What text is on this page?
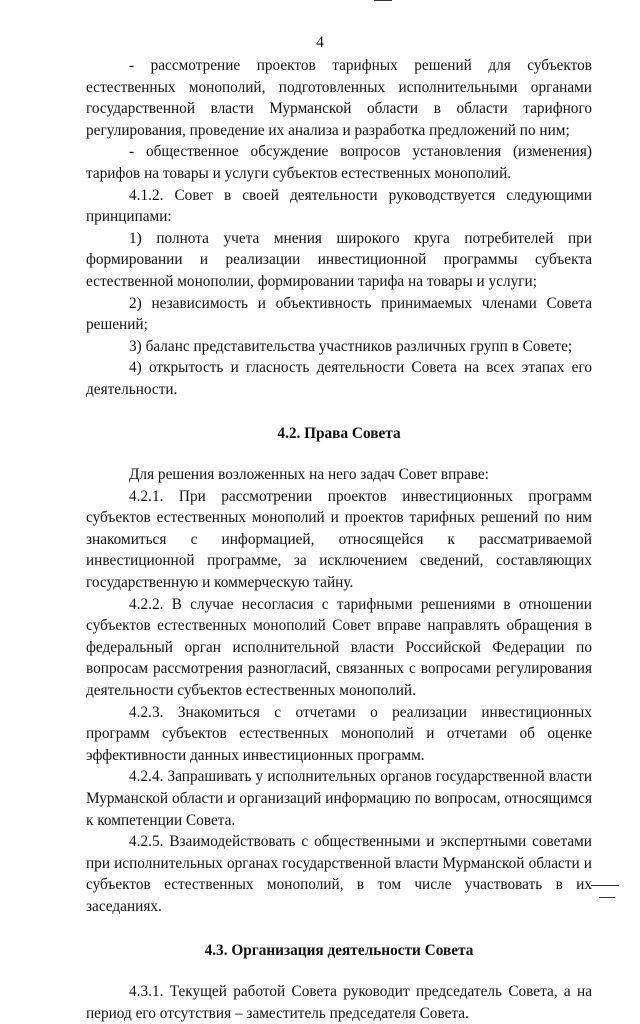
4

- рассмотрение проектов тарифных решений для субъектов естественных монополий, подготовленных исполнительными органами государственной власти Мурманской области в области тарифного регулирования, проведение их анализа и разработка предложений по ним;

- общественное обсуждение вопросов установления (изменения) тарифов на товары и услуги субъектов естественных монополий.

4.1.2. Совет в своей деятельности руководствуется следующими принципами:

1) полнота учета мнения широкого круга потребителей при формировании и реализации инвестиционной программы субъекта естественной монополии, формировании тарифа на товары и услуги;

2) независимость и объективность принимаемых членами Совета решений;

3) баланс представительства участников различных групп в Совете;

4) открытость и гласность деятельности Совета на всех этапах его деятельности.

4.2. Права Совета

Для решения возложенных на него задач Совет вправе:

4.2.1. При рассмотрении проектов инвестиционных программ субъектов естественных монополий и проектов тарифных решений по ним знакомиться с информацией, относящейся к рассматриваемой инвестиционной программе, за исключением сведений, составляющих государственную и коммерческую тайну.

4.2.2. В случае несогласия с тарифными решениями в отношении субъектов естественных монополий Совет вправе направлять обращения в федеральный орган исполнительной власти Российской Федерации по вопросам рассмотрения разногласий, связанных с вопросами регулирования деятельности субъектов естественных монополий.

4.2.3. Знакомиться с отчетами о реализации инвестиционных программ субъектов естественных монополий и отчетами об оценке эффективности данных инвестиционных программ.

4.2.4. Запрашивать у исполнительных органов государственной власти Мурманской области и организаций информацию по вопросам, относящимся к компетенции Совета.

4.2.5. Взаимодействовать с общественными и экспертными советами при исполнительных органах государственной власти Мурманской области и субъектов естественных монополий, в том числе участвовать в их заседаниях.

4.3. Организация деятельности Совета

4.3.1. Текущей работой Совета руководит председатель Совета, а на период его отсутствия – заместитель председателя Совета.
